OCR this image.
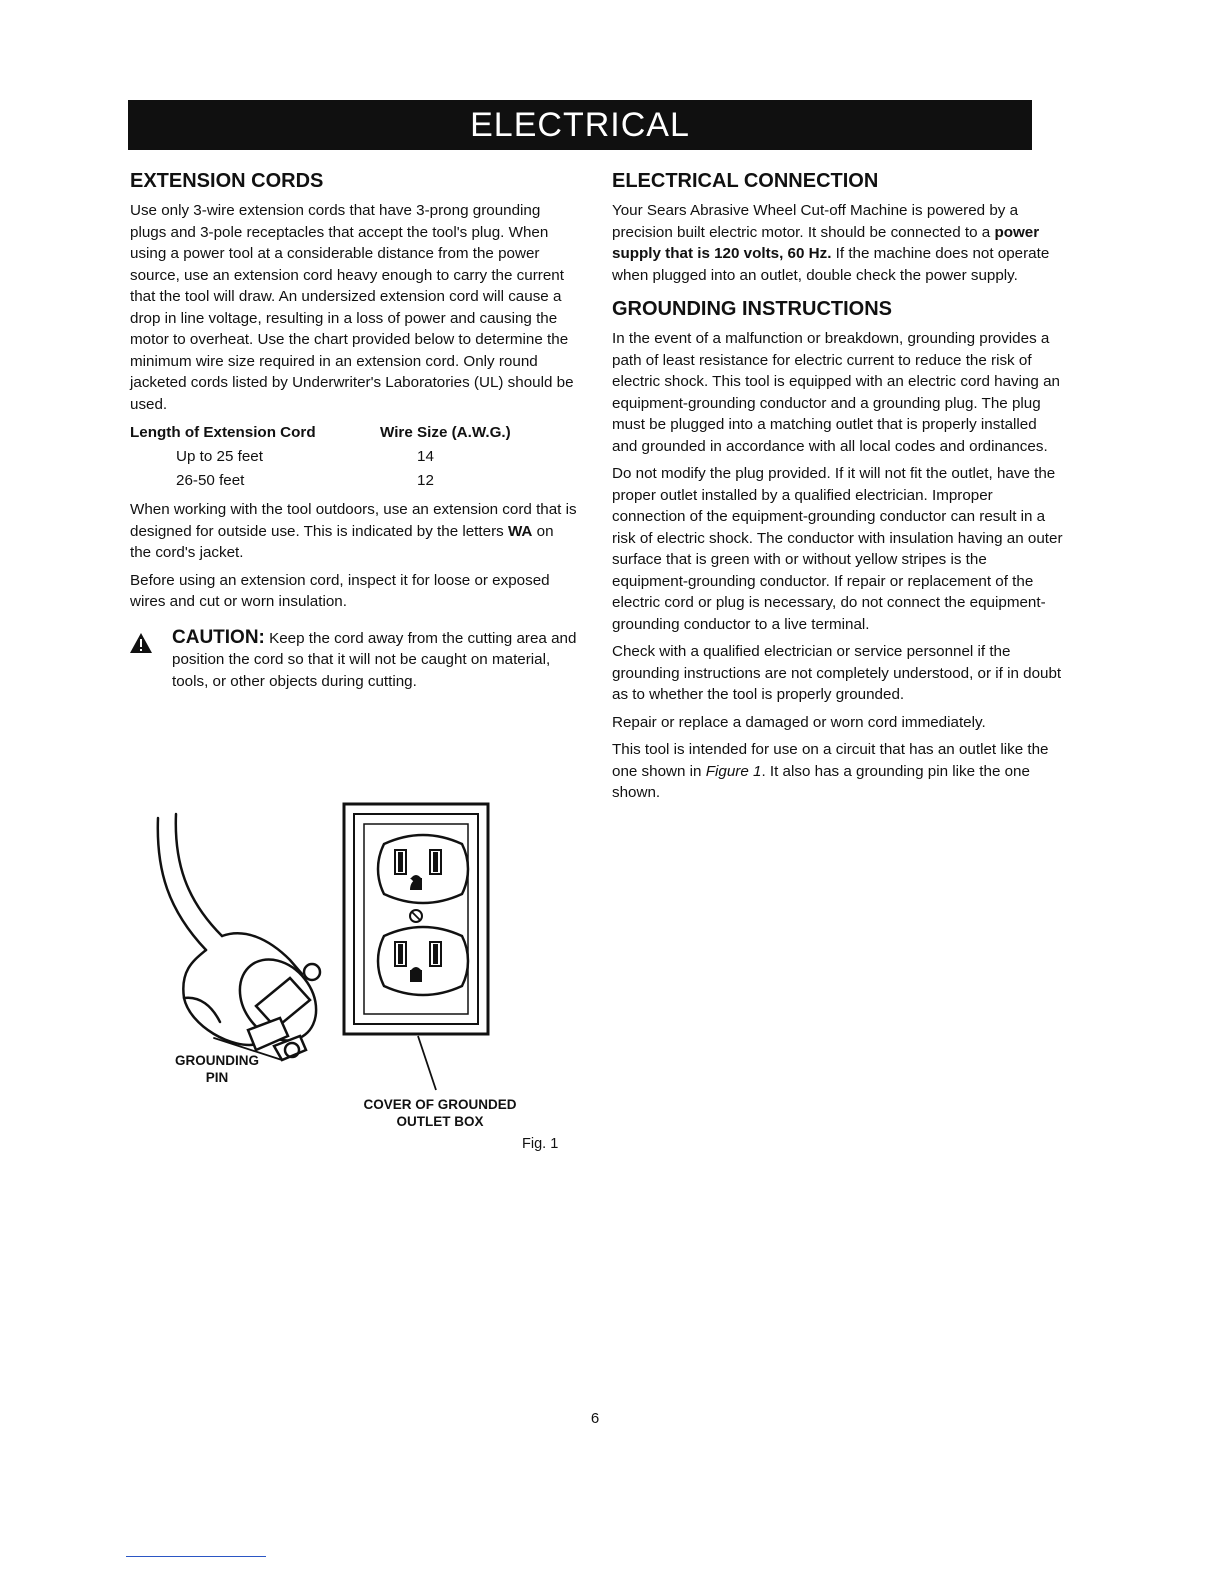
ELECTRICAL
EXTENSION CORDS

Use only 3-wire extension cords that have 3-prong grounding plugs and 3-pole receptacles that accept the tool's plug. When using a power tool at a considerable distance from the power source, use an extension cord heavy enough to carry the current that the tool will draw. An undersized extension cord will cause a drop in line voltage, resulting in a loss of power and causing the motor to overheat. Use the chart provided below to determine the minimum wire size required in an extension cord. Only round jacketed cords listed by Underwriter's Laboratories (UL) should be used.

Length of Extension Cord	Wire Size (A.W.G.)
Up to 25 feet	14
26-50 feet	12

When working with the tool outdoors, use an extension cord that is designed for outside use. This is indicated by the letters WA on the cord's jacket.

Before using an extension cord, inspect it for loose or exposed wires and cut or worn insulation.

CAUTION: Keep the cord away from the cutting area and position the cord so that it will not be caught on material, tools, or other objects during cutting.

GROUNDING
PIN
COVER OF GROUNDED
OUTLET BOX
Fig. 1
ELECTRICAL CONNECTION

Your Sears Abrasive Wheel Cut-off Machine is powered by a precision built electric motor. It should be connected to a power supply that is 120 volts, 60 Hz. If the machine does not operate when plugged into an outlet, double check the power supply.

GROUNDING INSTRUCTIONS

In the event of a malfunction or breakdown, grounding provides a path of least resistance for electric current to reduce the risk of electric shock. This tool is equipped with an electric cord having an equipment-grounding conductor and a grounding plug. The plug must be plugged into a matching outlet that is properly installed and grounded in accordance with all local codes and ordinances.

Do not modify the plug provided. If it will not fit the outlet, have the proper outlet installed by a qualified electrician. Improper connection of the equipment-grounding conductor can result in a risk of electric shock. The conductor with insulation having an outer surface that is green with or without yellow stripes is the equipment-grounding conductor. If repair or replacement of the electric cord or plug is necessary, do not connect the equipment-grounding conductor to a live terminal.

Check with a qualified electrician or service personnel if the grounding instructions are not completely understood, or if in doubt as to whether the tool is properly grounded.

Repair or replace a damaged or worn cord immediately.

This tool is intended for use on a circuit that has an outlet like the one shown in Figure 1. It also has a grounding pin like the one shown.

6
